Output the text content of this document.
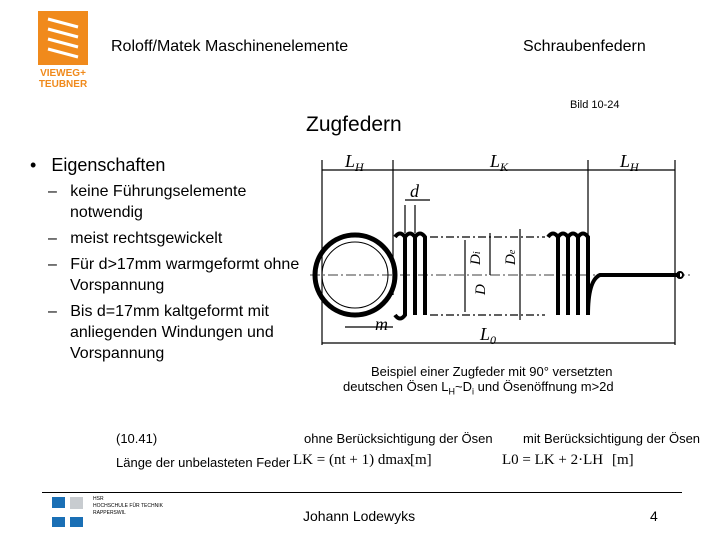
VIEWEG+
TEUBNER
Roloff/Matek Maschinenelemente	Schraubenfedern
Zugfedern
Bild 10-24
•   Eigenschaften
–   keine Führungselemente notwendig
–   meist rechtsgewickelt
–   Für d>17mm warmgeformt ohne Vorspannung
–   Bis d=17mm kaltgeformt mit anliegenden Windungen und Vorspannung
$L_H$	$L_K$	$L_H$
d
Di
D
De
m	$L_0$
Beispiel einer Zugfeder mit 90° versetzten
deutschen Ösen $L_H\sim D_i$ und Ösenöffnung m>2d
(10.41)	ohne Berücksichtigung der Ösen mit Berücksichtigung der Ösen
Länge der unbelasteten Feder LK = (nt + 1) dmax
[m]	L0 = LK + 2·LH [m]
HSR
HOCHSCHULE FÜR TECHNIK
RAPPERSWIL	Johann Lodewyks	4
